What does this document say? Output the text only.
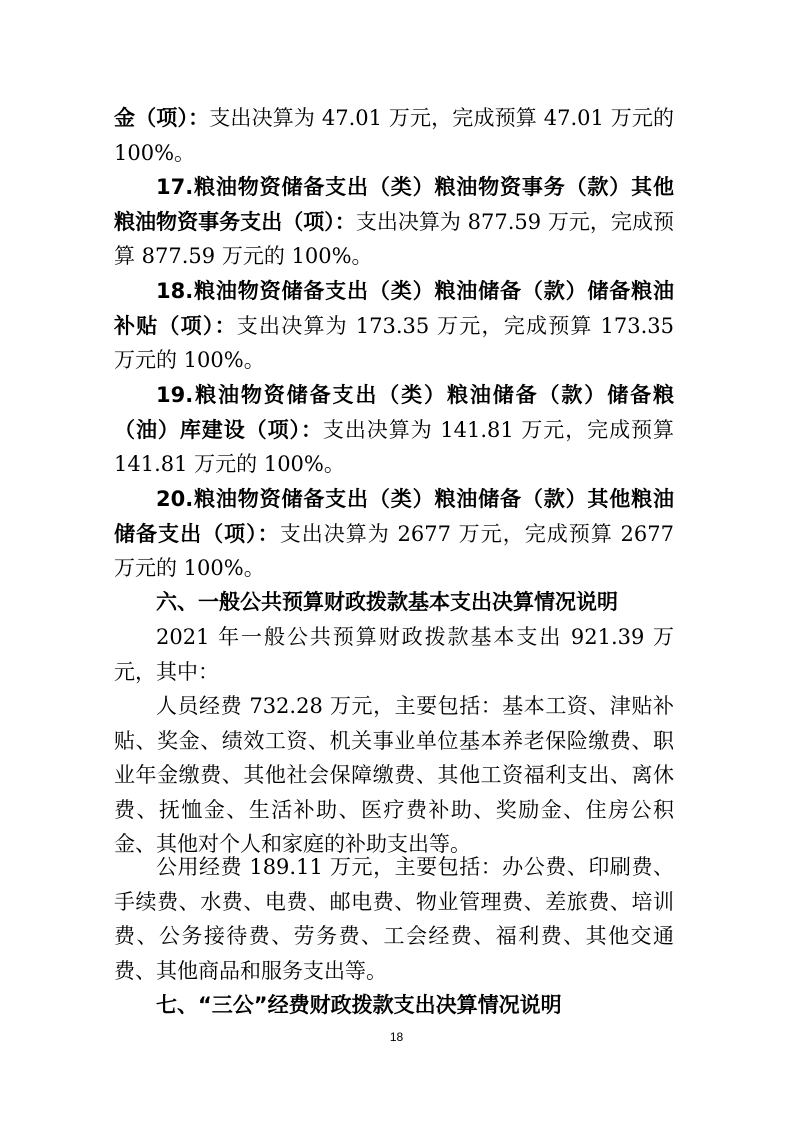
金（项）：支出决算为 47.01 万元，完成预算 47.01 万元的 100%。

17.粮油物资储备支出（类）粮油物资事务（款）其他粮油物资事务支出（项）：支出决算为 877.59 万元，完成预算 877.59 万元的 100%。

18.粮油物资储备支出（类）粮油储备（款）储备粮油补贴（项）：支出决算为 173.35 万元，完成预算 173.35 万元的 100%。

19.粮油物资储备支出（类）粮油储备（款）储备粮（油）库建设（项）：支出决算为 141.81 万元，完成预算 141.81 万元的 100%。

20.粮油物资储备支出（类）粮油储备（款）其他粮油储备支出（项）：支出决算为 2677 万元，完成预算 2677 万元的 100%。

六、一般公共预算财政拨款基本支出决算情况说明

2021 年一般公共预算财政拨款基本支出 921.39 万元，其中：

人员经费 732.28 万元，主要包括：基本工资、津贴补贴、奖金、绩效工资、机关事业单位基本养老保险缴费、职业年金缴费、其他社会保障缴费、其他工资福利支出、离休费、抚恤金、生活补助、医疗费补助、奖励金、住房公积金、其他对个人和家庭的补助支出等。

公用经费 189.11 万元，主要包括：办公费、印刷费、手续费、水费、电费、邮电费、物业管理费、差旅费、培训费、公务接待费、劳务费、工会经费、福利费、其他交通费、其他商品和服务支出等。

七、“三公”经费财政拨款支出决算情况说明

18
